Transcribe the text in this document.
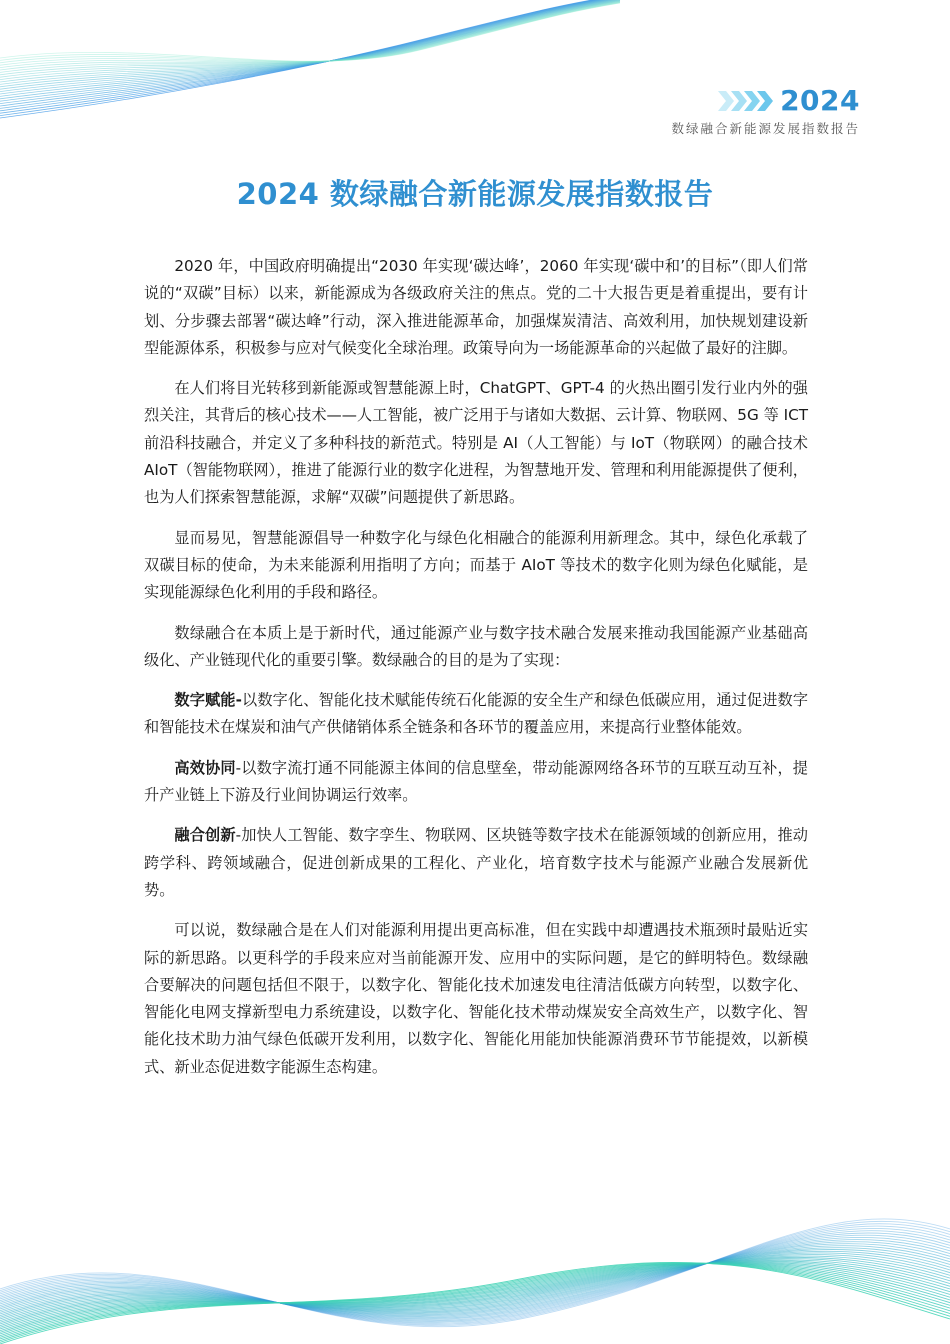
2024
数绿融合新能源发展指数报告
2024 数绿融合新能源发展指数报告

2020 年，中国政府明确提出“2030 年实现‘碳达峰’，2060 年实现‘碳中和’的目标”（即人们常说的“双碳”目标）以来，新能源成为各级政府关注的焦点。党的二十大报告更是着重提出，要有计划、分步骤去部署“碳达峰”行动，深入推进能源革命，加强煤炭清洁、高效利用，加快规划建设新型能源体系，积极参与应对气候变化全球治理。政策导向为一场能源革命的兴起做了最好的注脚。

在人们将目光转移到新能源或智慧能源上时，ChatGPT、GPT-4 的火热出圈引发行业内外的强烈关注，其背后的核心技术——人工智能，被广泛用于与诸如大数据、云计算、物联网、5G 等 ICT 前沿科技融合，并定义了多种科技的新范式。特别是 AI（人工智能）与 IoT（物联网）的融合技术 AIoT（智能物联网），推进了能源行业的数字化进程，为智慧地开发、管理和利用能源提供了便利，也为人们探索智慧能源，求解“双碳”问题提供了新思路。

显而易见，智慧能源倡导一种数字化与绿色化相融合的能源利用新理念。其中，绿色化承载了双碳目标的使命，为未来能源利用指明了方向；而基于 AIoT 等技术的数字化则为绿色化赋能，是实现能源绿色化利用的手段和路径。

数绿融合在本质上是于新时代，通过能源产业与数字技术融合发展来推动我国能源产业基础高级化、产业链现代化的重要引擎。数绿融合的目的是为了实现：

数字赋能-以数字化、智能化技术赋能传统石化能源的安全生产和绿色低碳应用，通过促进数字和智能技术在煤炭和油气产供储销体系全链条和各环节的覆盖应用，来提高行业整体能效。

高效协同-以数字流打通不同能源主体间的信息壁垒，带动能源网络各环节的互联互动互补，提升产业链上下游及行业间协调运行效率。

融合创新-加快人工智能、数字孪生、物联网、区块链等数字技术在能源领域的创新应用，推动跨学科、跨领域融合，促进创新成果的工程化、产业化，培育数字技术与能源产业融合发展新优势。

可以说，数绿融合是在人们对能源利用提出更高标准，但在实践中却遭遇技术瓶颈时最贴近实际的新思路。以更科学的手段来应对当前能源开发、应用中的实际问题，是它的鲜明特色。数绿融合要解决的问题包括但不限于，以数字化、智能化技术加速发电往清洁低碳方向转型，以数字化、智能化电网支撑新型电力系统建设，以数字化、智能化技术带动煤炭安全高效生产，以数字化、智能化技术助力油气绿色低碳开发利用，以数字化、智能化用能加快能源消费环节节能提效，以新模式、新业态促进数字能源生态构建。
